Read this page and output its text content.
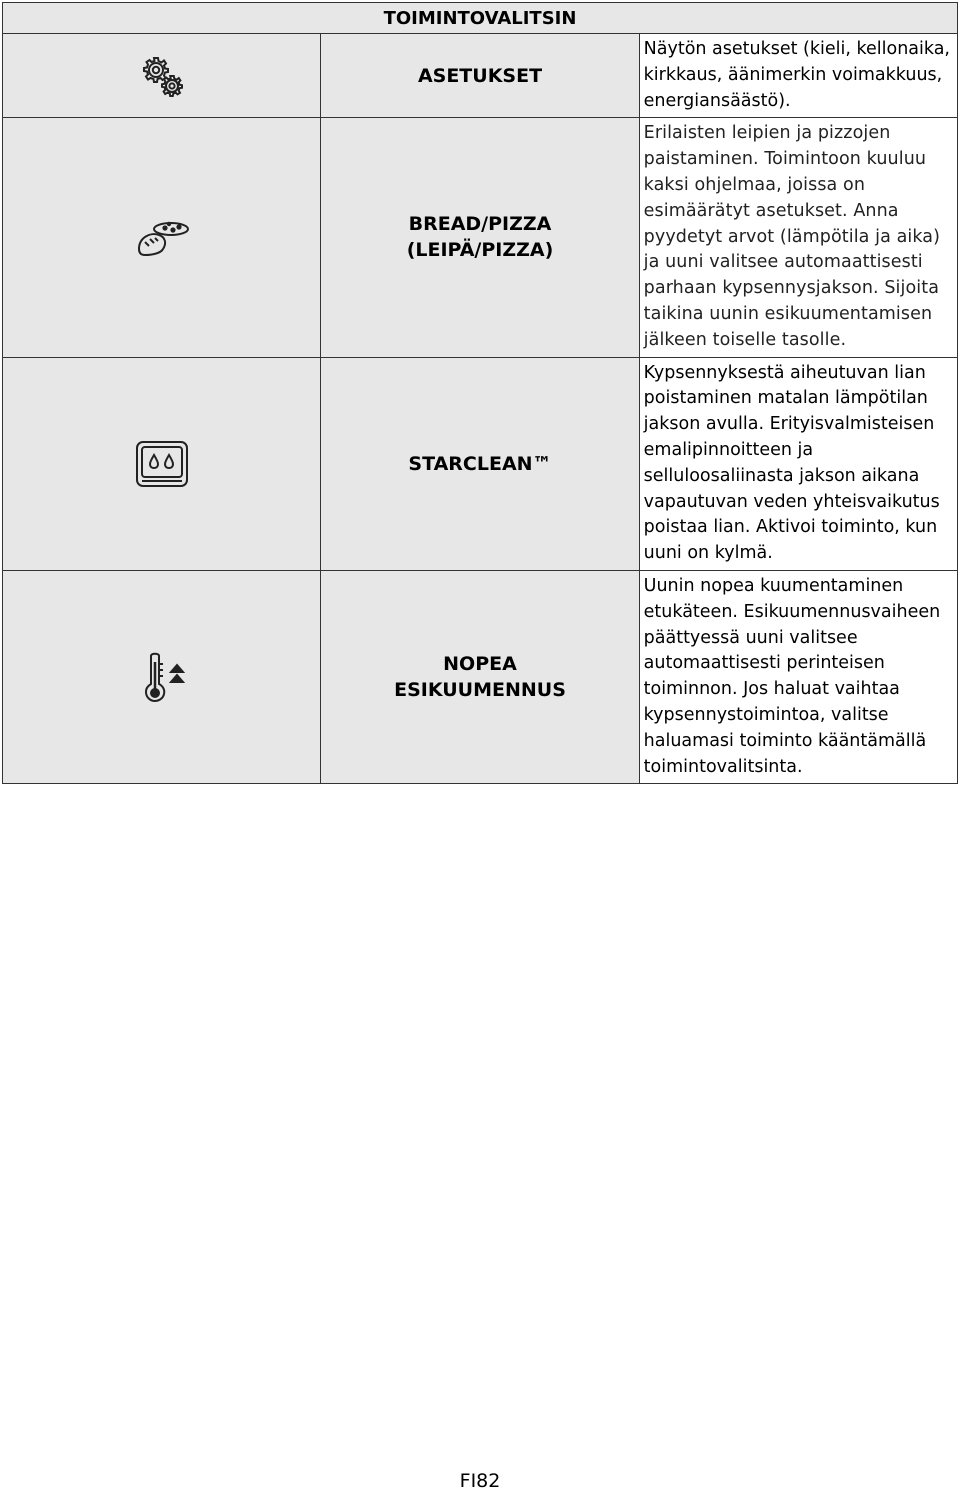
TOIMINTOVALITSIN		

ASETUKSET	Näytön asetukset (kieli, kellonaika, kirkkaus, äänimerkin voimakkuus, energiansäästö).

BREAD/PIZZA
(LEIPÄ/PIZZA)	Erilaisten leipien ja pizzojen paistaminen. Toimintoon kuuluu kaksi ohjelmaa, joissa on esimäärätyt asetukset. Anna pyydetyt arvot (lämpötila ja aika) ja uuni valitsee automaattisesti parhaan kypsennysjakson. Sijoita taikina uunin esikuumentamisen jälkeen toiselle tasolle.

STARCLEAN™	Kypsennyksestä aiheutuvan lian poistaminen matalan lämpötilan jakson avulla. Erityisvalmisteisen emalipinnoitteen ja selluloosaliinasta jakson aikana vapautuvan veden yhteisvaikutus poistaa lian. Aktivoi toiminto, kun uuni on kylmä.

NOPEA
ESIKUUMENNUS	Uunin nopea kuumentaminen etukäteen. Esikuumennusvaiheen päättyessä uuni valitsee automaattisesti perinteisen toiminnon. Jos haluat vaihtaa kypsennystoimintoa, valitse haluamasi toiminto kääntämällä toimintovalitsinta.
FI82
